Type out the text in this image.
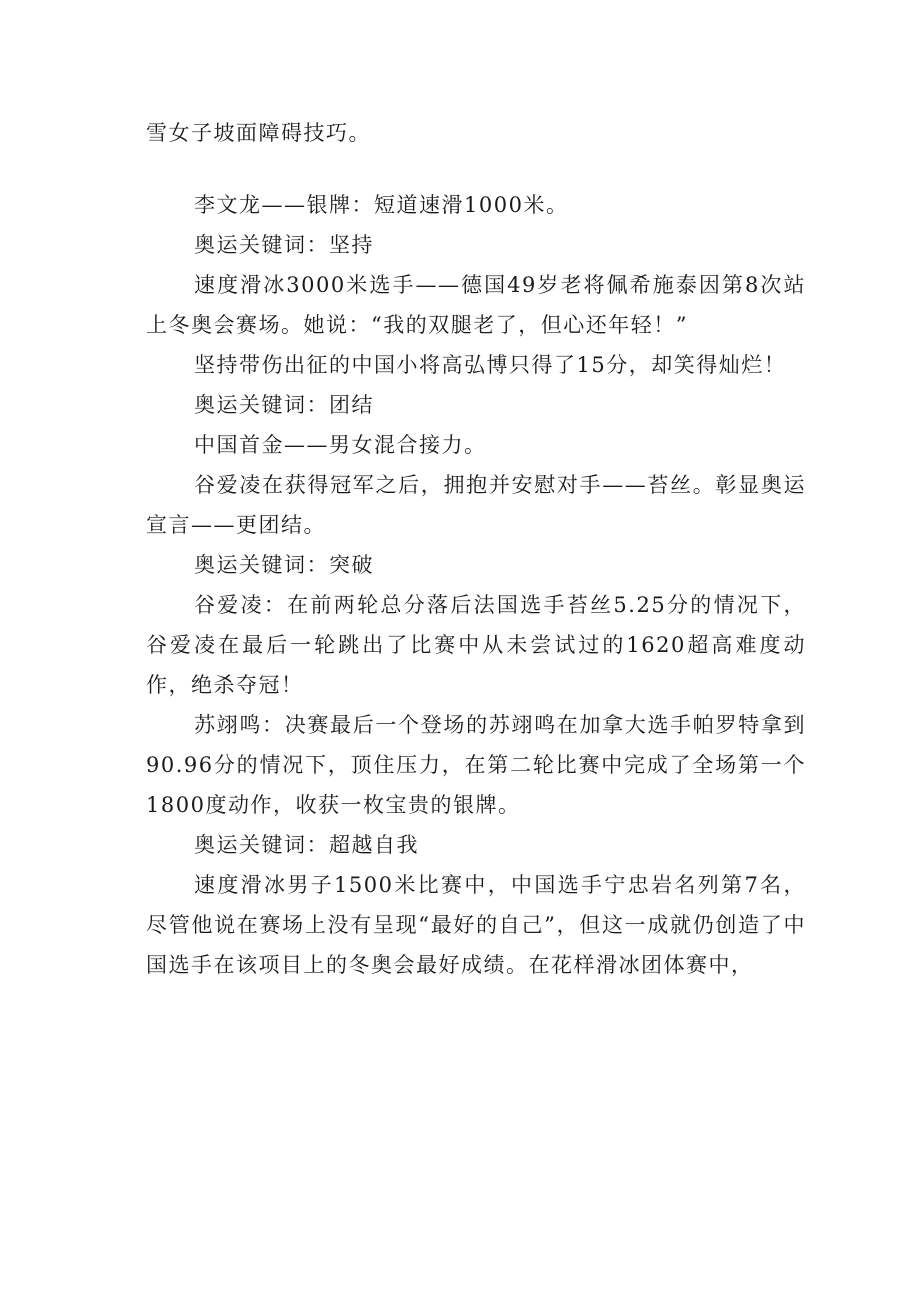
雪女子坡面障碍技巧。

李文龙——银牌：短道速滑1000米。

奥运关键词：坚持

速度滑冰3000米选手——德国49岁老将佩希施泰因第8次站上冬奥会赛场。她说：“我的双腿老了，但心还年轻！”

坚持带伤出征的中国小将高弘博只得了15分，却笑得灿烂！

奥运关键词：团结

中国首金——男女混合接力。

谷爱凌在获得冠军之后，拥抱并安慰对手——苔丝。彰显奥运宣言——更团结。

奥运关键词：突破

谷爱凌：在前两轮总分落后法国选手苔丝5.25分的情况下，谷爱凌在最后一轮跳出了比赛中从未尝试过的1620超高难度动作，绝杀夺冠！

苏翊鸣：决赛最后一个登场的苏翊鸣在加拿大选手帕罗特拿到90.96分的情况下，顶住压力，在第二轮比赛中完成了全场第一个1800度动作，收获一枚宝贵的银牌。

奥运关键词：超越自我

速度滑冰男子1500米比赛中，中国选手宁忠岩名列第7名，尽管他说在赛场上没有呈现“最好的自己”，但这一成就仍创造了中国选手在该项目上的冬奥会最好成绩。在花样滑冰团体赛中，
